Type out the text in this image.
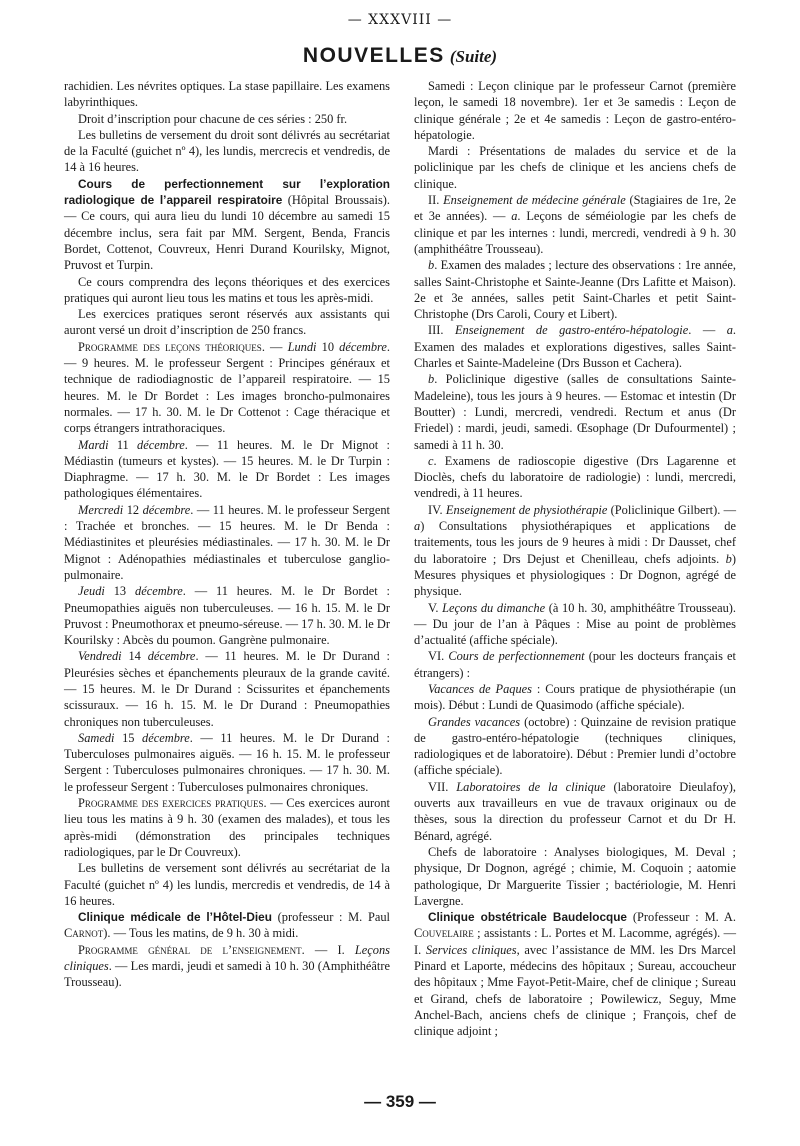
— XXXVIII —
NOUVELLES (Suite)

rachidien. Les névrites optiques. La stase papillaire. Les examens labyrinthiques.

Droit d’inscription pour chacune de ces séries : 250 fr.

Les bulletins de versement du droit sont délivrés au secrétariat de la Faculté (guichet nº 4), les lundis, mercrecis et vendredis, de 14 à 16 heures.

Cours de perfectionnement sur l’exploration radiologique de l’appareil respiratoire (Hôpital Broussais). — Ce cours, qui aura lieu du lundi 10 décembre au samedi 15 décembre inclus, sera fait par MM. Sergent, Benda, Francis Bordet, Cottenot, Couvreux, Henri Durand Kourilsky, Mignot, Pruvost et Turpin.

Ce cours comprendra des leçons théoriques et des exercices pratiques qui auront lieu tous les matins et tous les après-midi.

Les exercices pratiques seront réservés aux assistants qui auront versé un droit d’inscription de 250 francs.

Programme des leçons théoriques. — Lundi 10 décembre. — 9 heures. M. le professeur Sergent : Principes généraux et technique de radiodiagnostic de l’appareil respiratoire. — 15 heures. M. le Dr Bordet : Les images broncho-pulmonaires normales. — 17 h. 30. M. le Dr Cottenot : Cage théracique et corps étrangers intrathoraciques.

Mardi 11 décembre. — 11 heures. M. le Dr Mignot : Médiastin (tumeurs et kystes). — 15 heures. M. le Dr Turpin : Diaphragme. — 17 h. 30. M. le Dr Bordet : Les images pathologiques élémentaires.

Mercredi 12 décembre. — 11 heures. M. le professeur Sergent : Trachée et bronches. — 15 heures. M. le Dr Benda : Médiastinites et pleurésies médiastinales. — 17 h. 30. M. le Dr Mignot : Adénopathies médiastinales et tuberculose ganglio-pulmonaire.

Jeudi 13 décembre. — 11 heures. M. le Dr Bordet : Pneumopathies aiguës non tuberculeuses. — 16 h. 15. M. le Dr Pruvost : Pneumothorax et pneumo-séreuse. — 17 h. 30. M. le Dr Kourilsky : Abcès du poumon. Gangrène pulmonaire.

Vendredi 14 décembre. — 11 heures. M. le Dr Durand : Pleurésies sèches et épanchements pleuraux de la grande cavité. — 15 heures. M. le Dr Durand : Scissurites et épanchements scissuraux. — 16 h. 15. M. le Dr Durand : Pneumopathies chroniques non tuberculeuses.

Samedi 15 décembre. — 11 heures. M. le Dr Durand : Tuberculoses pulmonaires aiguës. — 16 h. 15. M. le professeur Sergent : Tuberculoses pulmonaires chroniques. — 17 h. 30. M. le professeur Sergent : Tuberculoses pulmonaires chroniques.

Programme des exercices pratiques. — Ces exercices auront lieu tous les matins à 9 h. 30 (examen des malades), et tous les après-midi (démonstration des principales techniques radiologiques, par le Dr Couvreux).

Les bulletins de versement sont délivrés au secrétariat de la Faculté (guichet nº 4) les lundis, mercredis et vendredis, de 14 à 16 heures.

Clinique médicale de l’Hôtel-Dieu (professeur : M. Paul Carnot). — Tous les matins, de 9 h. 30 à midi.

Programme général de l’enseignement. — I. Leçons cliniques. — Les mardi, jeudi et samedi à 10 h. 30 (Amphithéâtre Trousseau).

Samedi : Leçon clinique par le professeur Carnot (première leçon, le samedi 18 novembre). 1er et 3e samedis : Leçon de clinique générale ; 2e et 4e samedis : Leçon de gastro-entéro-hépatologie.

Mardi : Présentations de malades du service et de la policlinique par les chefs de clinique et les anciens chefs de clinique.

II. Enseignement de médecine générale (Stagiaires de 1re, 2e et 3e années). — a. Leçons de séméiologie par les chefs de clinique et par les internes : lundi, mercredi, vendredi à 9 h. 30 (amphithéâtre Trousseau).

b. Examen des malades ; lecture des observations : 1re année, salles Saint-Christophe et Sainte-Jeanne (Drs Lafitte et Maison). 2e et 3e années, salles petit Saint-Charles et petit Saint-Christophe (Drs Caroli, Coury et Libert).

III. Enseignement de gastro-entéro-hépatologie. — a. Examen des malades et explorations digestives, salles Saint-Charles et Sainte-Madeleine (Drs Busson et Cachera).

b. Policlinique digestive (salles de consultations Sainte-Madeleine), tous les jours à 9 heures. — Estomac et intestin (Dr Boutter) : Lundi, mercredi, vendredi. Rectum et anus (Dr Friedel) : mardi, jeudi, samedi. Œsophage (Dr Dufourmentel) ; samedi à 11 h. 30.

c. Examens de radioscopie digestive (Drs Lagarenne et Dioclès, chefs du laboratoire de radiologie) : lundi, mercredi, vendredi, à 11 heures.

IV. Enseignement de physiothérapie (Policlinique Gilbert). — a) Consultations physiothérapiques et applications de traitements, tous les jours de 9 heures à midi : Dr Dausset, chef du laboratoire ; Drs Dejust et Chenilleau, chefs adjoints. b) Mesures physiques et physiologiques : Dr Dognon, agrégé de physique.

V. Leçons du dimanche (à 10 h. 30, amphithéâtre Trousseau). — Du jour de l’an à Pâques : Mise au point de problèmes d’actualité (affiche spéciale).

VI. Cours de perfectionnement (pour les docteurs français et étrangers) :

Vacances de Paques : Cours pratique de physiothérapie (un mois). Début : Lundi de Quasimodo (affiche spéciale).

Grandes vacances (octobre) : Quinzaine de revision pratique de gastro-entéro-hépatologie (techniques cliniques, radiologiques et de laboratoire). Début : Premier lundi d’octobre (affiche spéciale).

VII. Laboratoires de la clinique (laboratoire Dieulafoy), ouverts aux travailleurs en vue de travaux originaux ou de thèses, sous la direction du professeur Carnot et du Dr H. Bénard, agrégé.

Chefs de laboratoire : Analyses biologiques, M. Deval ; physique, Dr Dognon, agrégé ; chimie, M. Coquoin ; aatomie pathologique, Dr Marguerite Tissier ; bactériologie, M. Henri Lavergne.

Clinique obstétricale Baudelocque (Professeur : M. A. Couvelaire ; assistants : L. Portes et M. Lacomme, agrégés). — I. Services cliniques, avec l’assistance de MM. les Drs Marcel Pinard et Laporte, médecins des hôpitaux ; Sureau, accoucheur des hôpitaux ; Mme Fayot-Petit-Maire, chef de clinique ; Sureau et Girand, chefs de laboratoire ; Powilewicz, Seguy, Mme Anchel-Bach, anciens chefs de clinique ; François, chef de clinique adjoint ;

— 359 —
